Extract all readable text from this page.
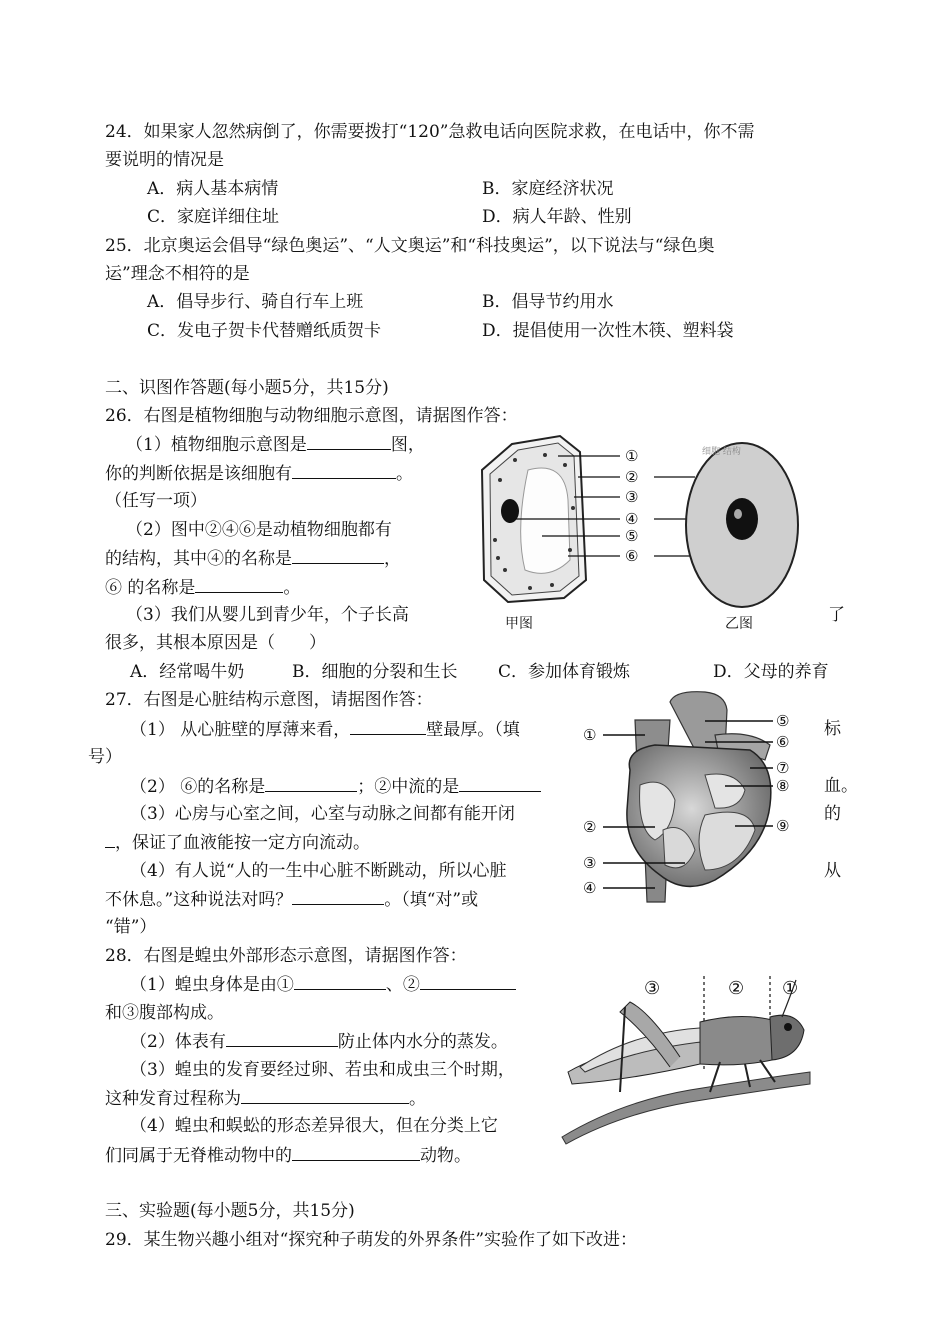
24．如果家人忽然病倒了，你需要拨打“120”急救电话向医院求救，在电话中，你不需
要说明的情况是
A．病人基本病情	B．家庭经济状况
C．家庭详细住址	D．病人年龄、性别
25．北京奥运会倡导“绿色奥运”、“人文奥运”和“科技奥运”，以下说法与“绿色奥
运”理念不相符的是
A．倡导步行、骑自行车上班	B．倡导节约用水
C．发电子贺卡代替赠纸质贺卡	D．提倡使用一次性木筷、塑料袋
二、识图作答题(每小题5分，共15分)
26．右图是植物细胞与动物细胞示意图，请据图作答：
（1）植物细胞示意图是	图，
你的判断依据是该细胞有	。
（任写一项）
（2）图中②④⑥是动植物细胞都有
的结构，其中④的名称是	，
⑥ 的名称是	。
（3）我们从婴儿到青少年，个子长高	了
很多，其根本原因是（　　）
A．经常喝牛奶	B．细胞的分裂和生长 C．参加体育锻炼	D．父母的养育
①
②
③
④
⑤
⑥
细胞 结构
甲图	乙图
27．右图是心脏结构示意图，请据图作答：
（1） 从心脏壁的厚薄来看，	壁最厚。（填	标
号）
（2） ⑥的名称是	；②中流的是	血。
（3）心房与心室之间，心室与动脉之间都有能开闭	的
，保证了血液能按一定方向流动。
（4）有人说“人的一生中心脏不断跳动，所以心脏	从
不休息。”这种说法对吗？	。（填“对”或
“错”）
①
②
③
④
⑤
⑥
⑦
⑧
⑨
28．右图是蝗虫外部形态示意图，请据图作答：
（1）蝗虫身体是由①	、②
和③腹部构成。
（2）体表有	防止体内水分的蒸发。
（3）蝗虫的发育要经过卵、若虫和成虫三个时期，
这种发育过程称为	。
（4）蝗虫和蜈蚣的形态差异很大，但在分类上它
们同属于无脊椎动物中的	动物。
③	② ①
三、实验题(每小题5分，共15分)
29．某生物兴趣小组对“探究种子萌发的外界条件”实验作了如下改进：
